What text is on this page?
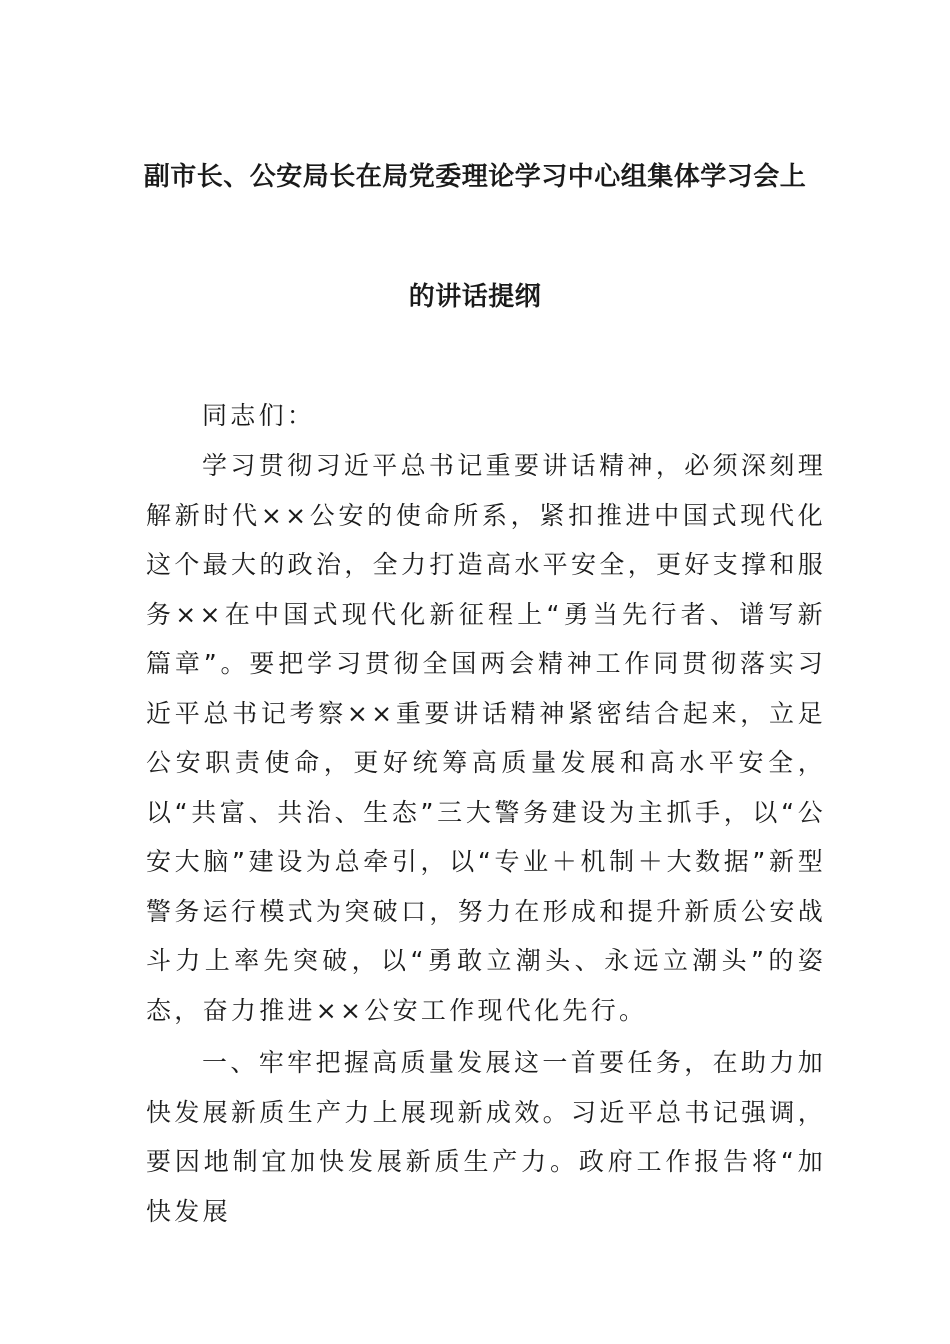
副市长、公安局长在局党委理论学习中心组集体学习会上
的讲话提纲
同志们：
学习贯彻习近平总书记重要讲话精神，必须深刻理解新时代××公安的使命所系，紧扣推进中国式现代化这个最大的政治，全力打造高水平安全，更好支撑和服务××在中国式现代化新征程上“勇当先行者、谱写新篇章”。要把学习贯彻全国两会精神工作同贯彻落实习近平总书记考察××重要讲话精神紧密结合起来，立足公安职责使命，更好统筹高质量发展和高水平安全，以“共富、共治、生态”三大警务建设为主抓手，以“公安大脑”建设为总牵引，以“专业＋机制＋大数据”新型警务运行模式为突破口，努力在形成和提升新质公安战斗力上率先突破，以“勇敢立潮头、永远立潮头”的姿态，奋力推进××公安工作现代化先行。
一、牢牢把握高质量发展这一首要任务，在助力加快发展新质生产力上展现新成效。习近平总书记强调，要因地制宜加快发展新质生产力。政府工作报告将“加快发展
